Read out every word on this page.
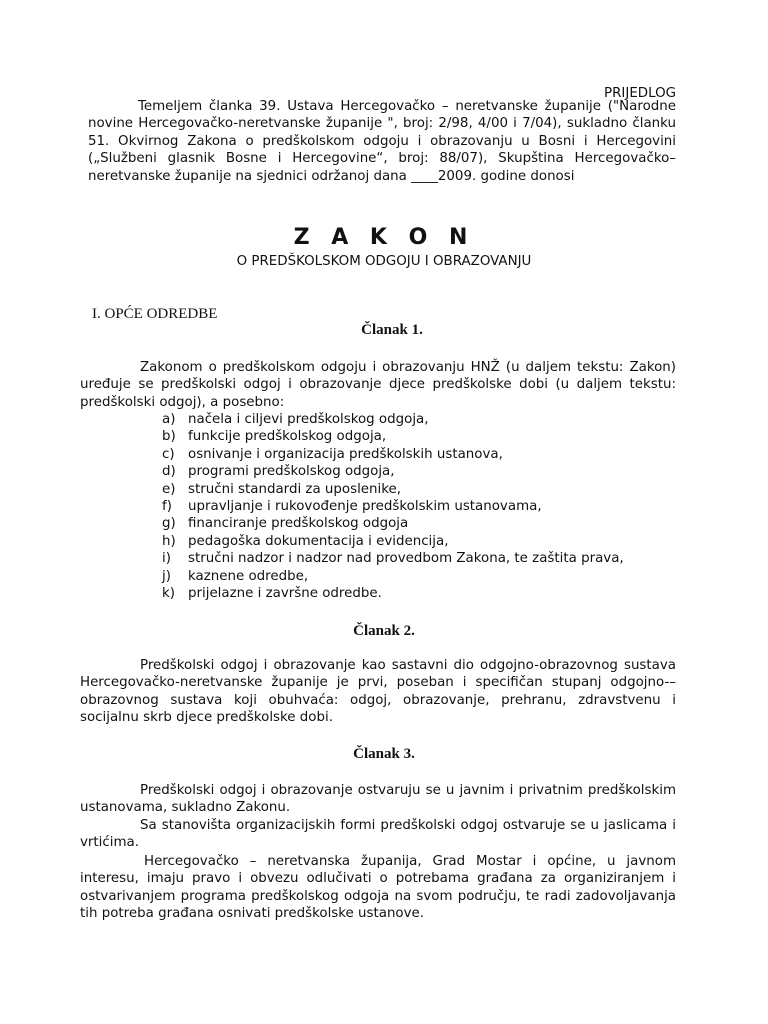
PRIJEDLOG
Temeljem članka 39. Ustava Hercegovačko – neretvanske županije ("Narodne novine Hercegovačko-neretvanske županije ", broj: 2/98, 4/00 i 7/04), sukladno članku 51. Okvirnog Zakona o predškolskom odgoju i obrazovanju u Bosni i Hercegovini („Službeni glasnik Bosne i Hercegovine“, broj: 88/07), Skupština Hercegovačko–neretvanske županije na sjednici održanoj dana ____2009. godine donosi
Z A K O N
O PREDŠKOLSKOM ODGOJU I OBRAZOVANJU
I. OPĆE ODREDBE
Članak 1.
Zakonom o predškolskom odgoju i obrazovanju HNŽ (u daljem tekstu: Zakon) uređuje se predškolski odgoj i obrazovanje djece predškolske dobi (u daljem tekstu: predškolski odgoj), a posebno:
a) načela i ciljevi predškolskog odgoja,
b) funkcije predškolskog odgoja,
c)	osnivanje i organizacija predškolskih ustanova,
d) programi predškolskog odgoja,
e) stručni standardi za uposlenike,
f)	upravljanje i rukovođenje predškolskim ustanovama,
g) financiranje predškolskog odgoja
h) pedagoška dokumentacija i evidencija,
i)	stručni nadzor i nadzor nad provedbom Zakona, te zaštita prava,
j)	kaznene odredbe,
k) prijelazne i završne odredbe.
Članak 2.
Predškolski odgoj i obrazovanje kao sastavni dio odgojno-obrazovnog sustava Hercegovačko-neretvanske županije je prvi, poseban i specifičan stupanj odgojno-–obrazovnog sustava koji obuhvaća: odgoj, obrazovanje, prehranu, zdravstvenu i socijalnu skrb djece predškolske dobi.
Članak 3.
Predškolski odgoj i obrazovanje ostvaruju se u javnim i privatnim predškolskim ustanovama, sukladno Zakonu.
Sa stanovišta organizacijskih formi predškolski odgoj ostvaruje se u jaslicama i vrtićima.
Hercegovačko – neretvanska županija, Grad Mostar i općine, u javnom interesu, imaju pravo i obvezu odlučivati o potrebama građana za organiziranjem i ostvarivanjem programa predškolskog odgoja na svom području, te radi zadovoljavanja tih potreba građana osnivati predškolske ustanove.
